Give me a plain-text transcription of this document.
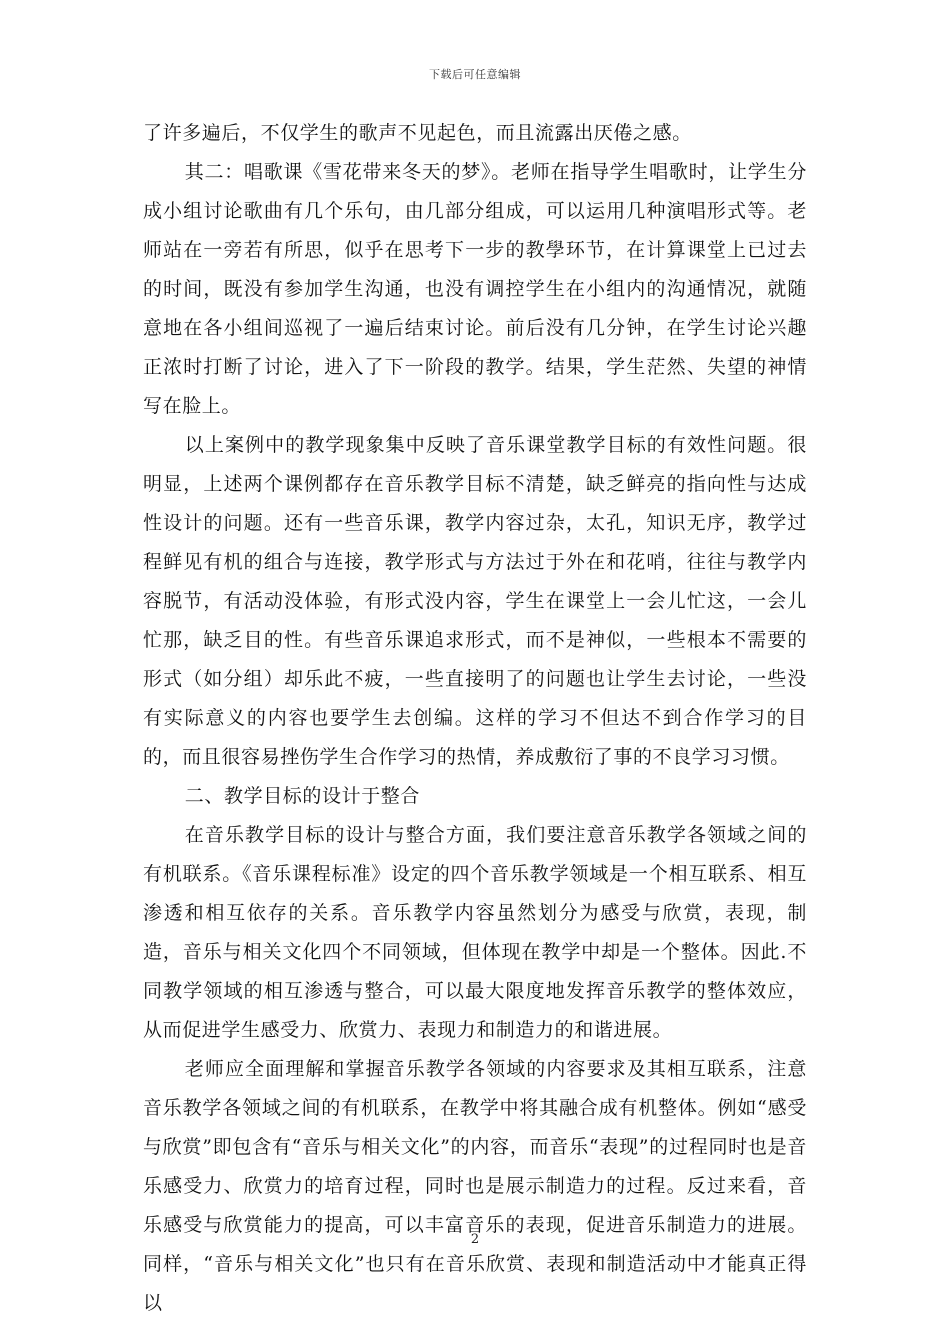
下载后可任意编辑

了许多遍后，不仅学生的歌声不见起色，而且流露出厌倦之感。

其二：唱歌课《雪花带来冬天的梦》。老师在指导学生唱歌时，让学生分成小组讨论歌曲有几个乐句，由几部分组成，可以运用几种演唱形式等。老师站在一旁若有所思，似乎在思考下一步的教學环节，在计算课堂上已过去的时间，既没有参加学生沟通，也没有调控学生在小组内的沟通情况，就随意地在各小组间巡视了一遍后结束讨论。前后没有几分钟，在学生讨论兴趣正浓时打断了讨论，进入了下一阶段的教学。结果，学生茫然、失望的神情写在脸上。

以上案例中的教学现象集中反映了音乐课堂教学目标的有效性问题。很明显，上述两个课例都存在音乐教学目标不清楚，缺乏鲜亮的指向性与达成性设计的问题。还有一些音乐课，教学内容过杂，太孔，知识无序，教学过程鲜见有机的组合与连接，教学形式与方法过于外在和花哨，往往与教学内容脱节，有活动没体验，有形式没内容，学生在课堂上一会儿忙这，一会儿忙那，缺乏目的性。有些音乐课追求形式，而不是神似，一些根本不需要的形式（如分组）却乐此不疲，一些直接明了的问题也让学生去讨论，一些没有实际意义的内容也要学生去创编。这样的学习不但达不到合作学习的目的，而且很容易挫伤学生合作学习的热情，养成敷衍了事的不良学习习惯。

二、教学目标的设计于整合

在音乐教学目标的设计与整合方面，我们要注意音乐教学各领域之间的有机联系。《音乐课程标准》设定的四个音乐教学领域是一个相互联系、相互渗透和相互依存的关系。音乐教学内容虽然划分为感受与欣赏，表现，制造，音乐与相关文化四个不同领域，但体现在教学中却是一个整体。因此.不同教学领域的相互渗透与整合，可以最大限度地发挥音乐教学的整体效应，从而促进学生感受力、欣赏力、表现力和制造力的和谐进展。

老师应全面理解和掌握音乐教学各领域的内容要求及其相互联系，注意音乐教学各领域之间的有机联系，在教学中将其融合成有机整体。例如“感受与欣赏”即包含有“音乐与相关文化”的内容，而音乐“表现”的过程同时也是音乐感受力、欣赏力的培育过程，同时也是展示制造力的过程。反过来看，音乐感受与欣赏能力的提高，可以丰富音乐的表现，促进音乐制造力的进展。同样，“音乐与相关文化”也只有在音乐欣赏、表现和制造活动中才能真正得以

2
